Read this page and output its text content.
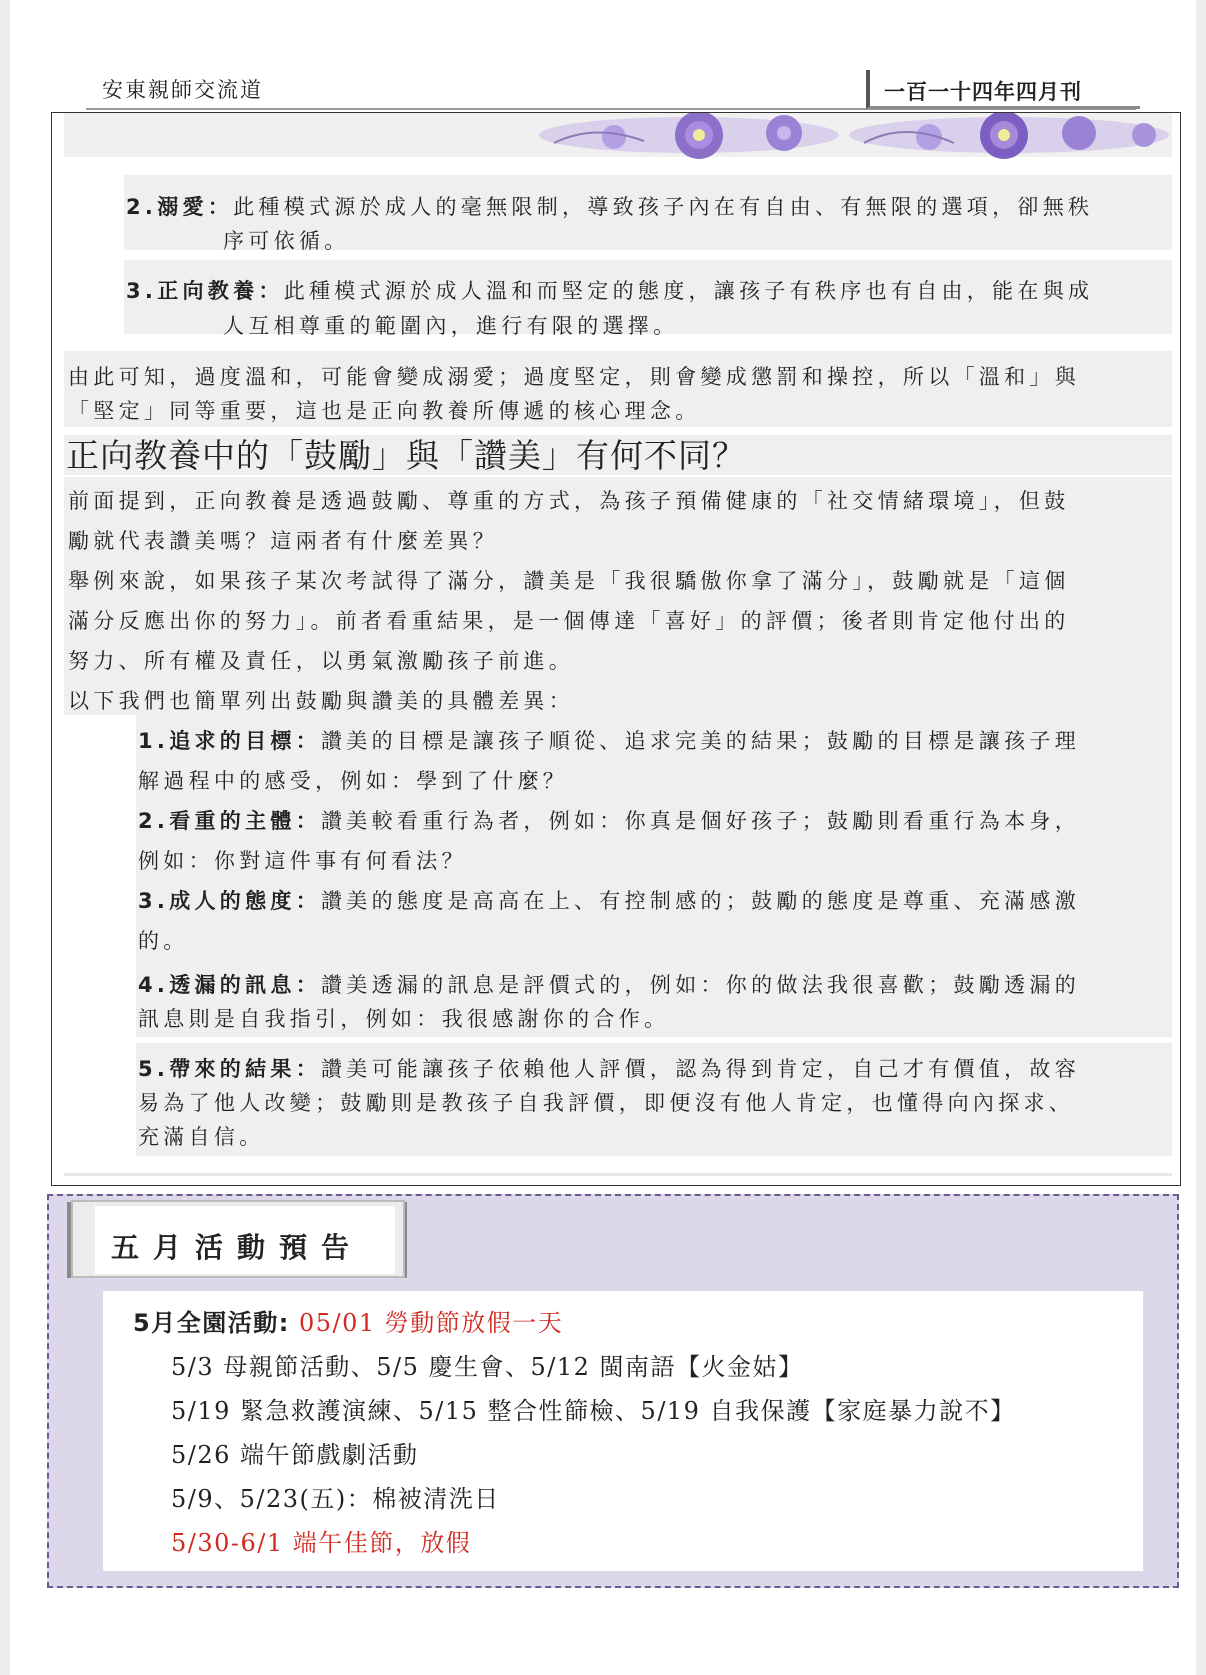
安東親師交流道	一百一十四年四月刊
2.溺愛：此種模式源於成人的毫無限制，導致孩子內在有自由、有無限的選項，卻無秩
序可依循。
3.正向教養：此種模式源於成人溫和而堅定的態度，讓孩子有秩序也有自由，能在與成
人互相尊重的範圍內，進行有限的選擇。
由此可知，過度溫和，可能會變成溺愛；過度堅定，則會變成懲罰和操控，所以「溫和」與
「堅定」同等重要，這也是正向教養所傳遞的核心理念。
正向教養中的「鼓勵」與「讚美」有何不同？
前面提到，正向教養是透過鼓勵、尊重的方式，為孩子預備健康的「社交情緒環境」，但鼓
勵就代表讚美嗎？這兩者有什麼差異？
舉例來說，如果孩子某次考試得了滿分，讚美是「我很驕傲你拿了滿分」，鼓勵就是「這個
滿分反應出你的努力」。前者看重結果，是一個傳達「喜好」的評價；後者則肯定他付出的
努力、所有權及責任，以勇氣激勵孩子前進。
以下我們也簡單列出鼓勵與讚美的具體差異：
1.追求的目標：讚美的目標是讓孩子順從、追求完美的結果；鼓勵的目標是讓孩子理
解過程中的感受，例如：學到了什麼？
2.看重的主體：讚美較看重行為者，例如：你真是個好孩子；鼓勵則看重行為本身，
例如：你對這件事有何看法？
3.成人的態度：讚美的態度是高高在上、有控制感的；鼓勵的態度是尊重、充滿感激
的。
4.透漏的訊息：讚美透漏的訊息是評價式的，例如：你的做法我很喜歡；鼓勵透漏的
訊息則是自我指引，例如：我很感謝你的合作。
5.帶來的結果：讚美可能讓孩子依賴他人評價，認為得到肯定，自己才有價值，故容
易為了他人改變；鼓勵則是教孩子自我評價，即便沒有他人肯定，也懂得向內探求、
充滿自信。
五月活動預告
5月全園活動: 05/01 勞動節放假一天
5/3 母親節活動、5/5 慶生會、5/12 閩南語【火金姑】
5/19 緊急救護演練、5/15 整合性篩檢、5/19 自我保護【家庭暴力說不】
5/26 端午節戲劇活動
5/9、5/23(五)：棉被清洗日
5/30-6/1 端午佳節，放假
